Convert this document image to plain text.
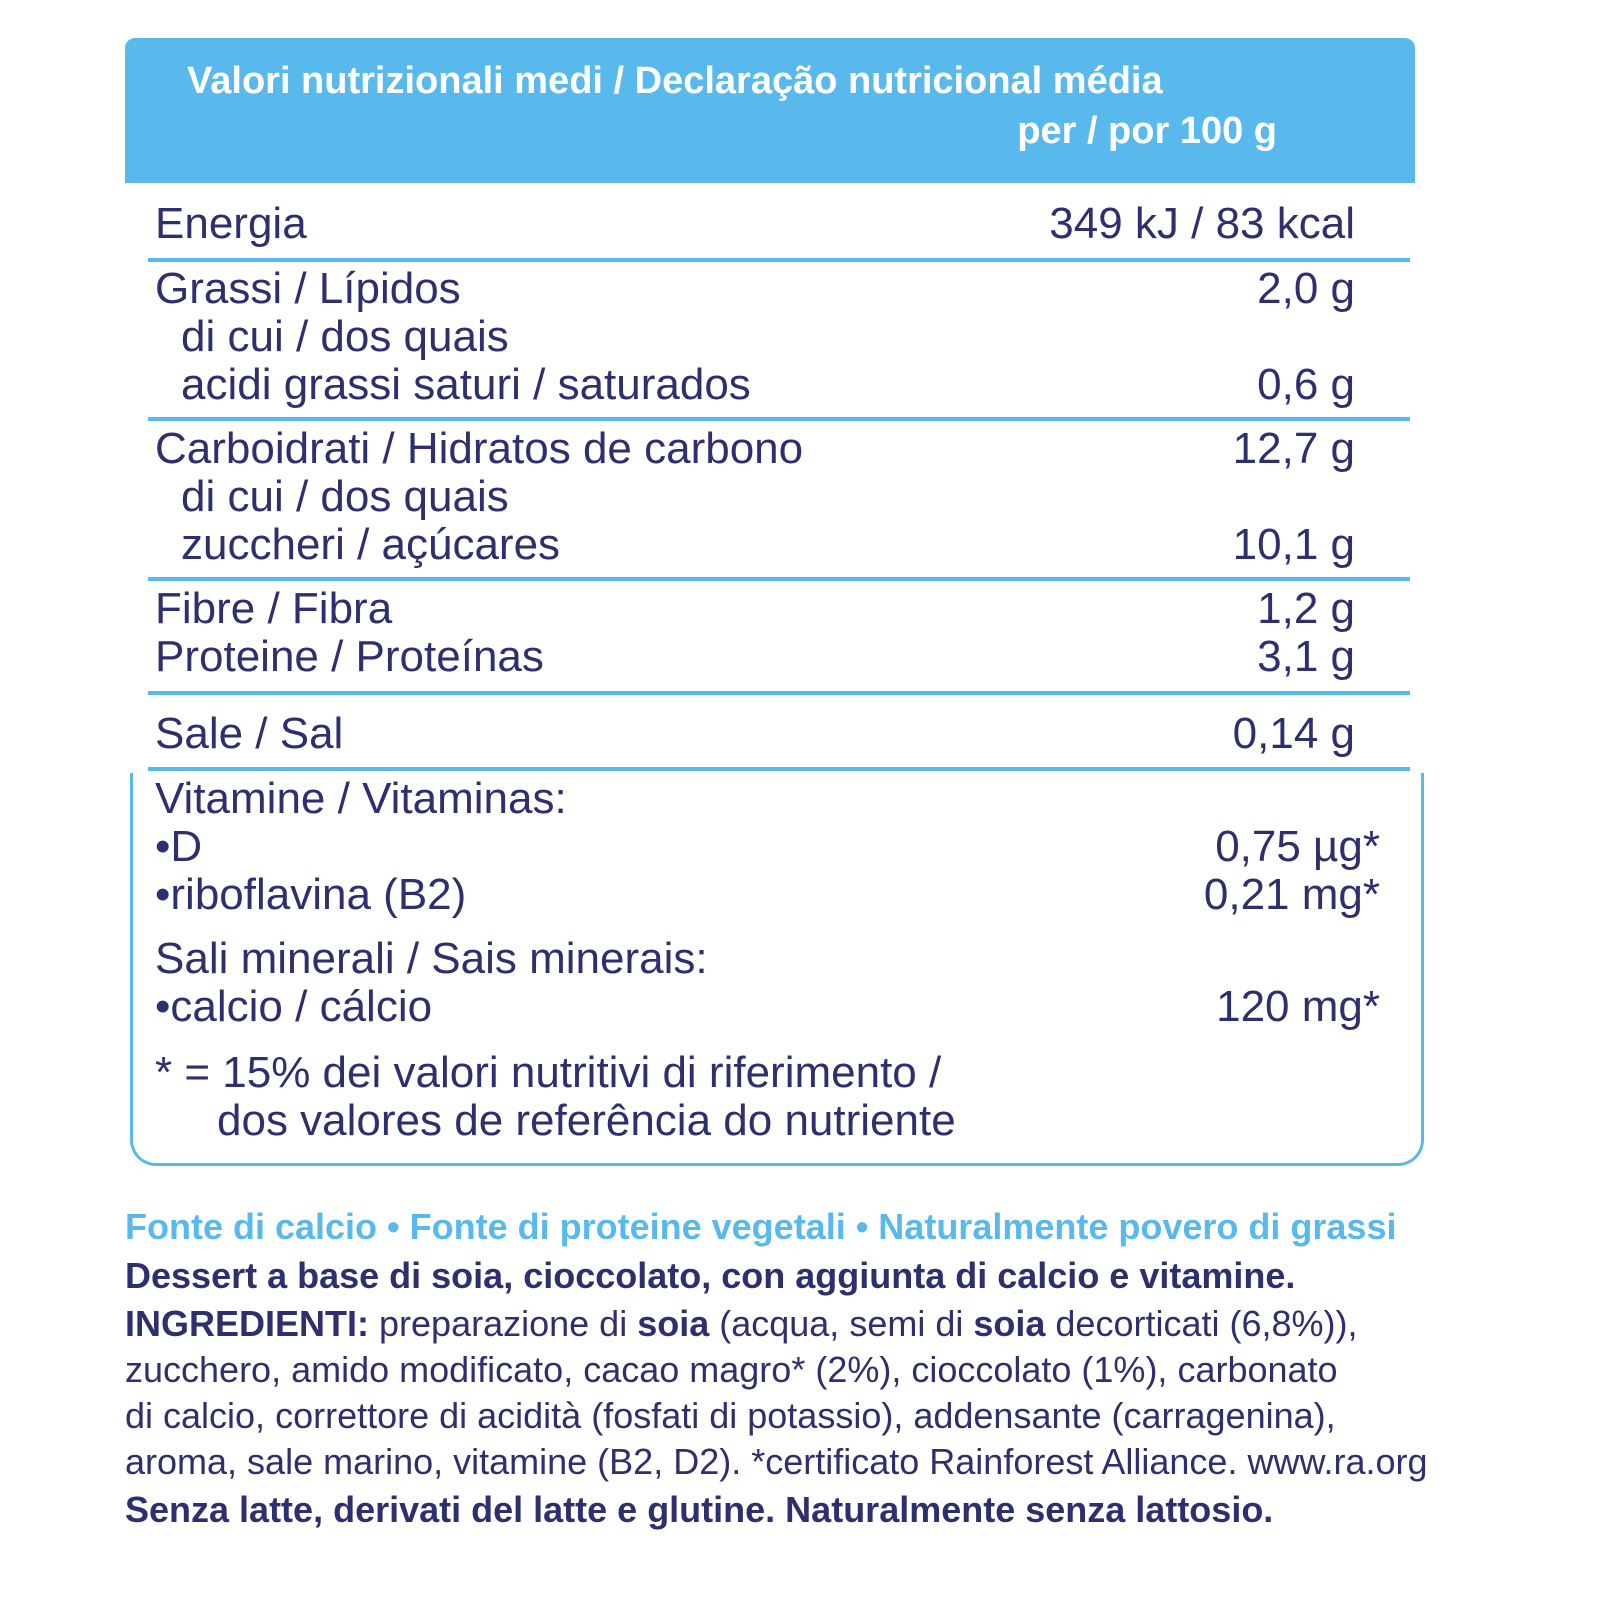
Valori nutrizionali medi / Declaração nutricional média
per / por 100 g
Energia	349 kJ / 83 kcal
Grassi / Lípidos	2,0 g
di cui / dos quais
acidi grassi saturi / saturados	0,6 g
Carboidrati / Hidratos de carbono	12,7 g
di cui / dos quais
zuccheri / açúcares	10,1 g
Fibre / Fibra	1,2 g
Proteine / Proteínas	3,1 g
Sale / Sal	0,14 g
Vitamine / Vitaminas:
•D	0,75 µg*
•riboflavina (B2)	0,21 mg*
Sali minerali / Sais minerais:
•calcio / cálcio	120 mg*
* = 15% dei valori nutritivi di riferimento /
dos valores de referência do nutriente
Fonte di calcio • Fonte di proteine vegetali • Naturalmente povero di grassi
Dessert a base di soia, cioccolato, con aggiunta di calcio e vitamine.
INGREDIENTI: preparazione di soia (acqua, semi di soia decorticati (6,8%)),
zucchero, amido modificato, cacao magro* (2%), cioccolato (1%), carbonato
di calcio, correttore di acidità (fosfati di potassio), addensante (carragenina),
aroma, sale marino, vitamine (B2, D2). *certificato Rainforest Alliance. www.ra.org
Senza latte, derivati del latte e glutine. Naturalmente senza lattosio.
